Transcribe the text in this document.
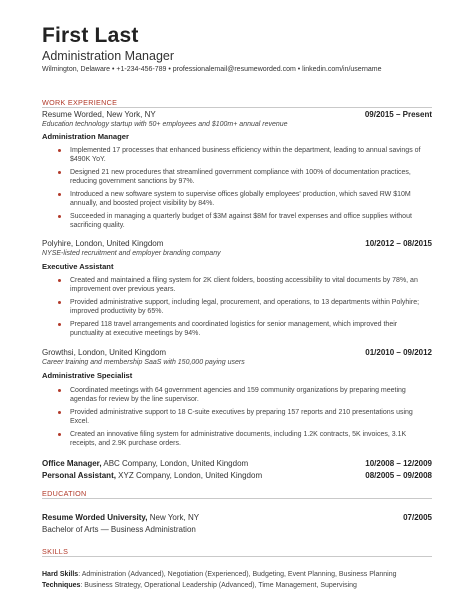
First Last
Administration Manager
Wilmington, Delaware • +1-234-456-789 • professionalemail@resumeworded.com • linkedin.com/in/username
WORK EXPERIENCE
Resume Worded, New York, NY	09/2015 – Present
Education technology startup with 50+ employees and $100m+ annual revenue
Administration Manager
Implemented 17 processes that enhanced business efficiency within the department, leading to annual savings of $490K YoY.
Designed 21 new procedures that streamlined government compliance with 100% of documentation practices, reducing government sanctions by 97%.
Introduced a new software system to supervise offices globally employees' production, which saved RW $10M annually, and boosted project visibility by 84%.
Succeeded in managing a quarterly budget of $3M against $8M for travel expenses and office supplies without sacrificing quality.
Polyhire, London, United Kingdom	10/2012 – 08/2015
NYSE-listed recruitment and employer branding company
Executive Assistant
Created and maintained a filing system for 2K client folders, boosting accessibility to vital documents by 78%, an improvement over previous years.
Provided administrative support, including legal, procurement, and operations, to 13 departments within Polyhire; improved productivity by 65%.
Prepared 118 travel arrangements and coordinated logistics for senior management, which improved their punctuality at executive meetings by 94%.
Growthsi, London, United Kingdom	01/2010 – 09/2012
Career training and membership SaaS with 150,000 paying users
Administrative Specialist
Coordinated meetings with 64 government agencies and 159 community organizations by preparing meeting agendas for review by the line supervisor.
Provided administrative support to 18 C-suite executives by preparing 157 reports and 210 presentations using Excel.
Created an innovative filing system for administrative documents, including 1.2K contracts, 5K invoices, 3.1K receipts, and 2.9K purchase orders.
Office Manager, ABC Company, London, United Kingdom	10/2008 – 12/2009
Personal Assistant, XYZ Company, London, United Kingdom	08/2005 – 09/2008
EDUCATION
Resume Worded University, New York, NY	07/2005
Bachelor of Arts — Business Administration
SKILLS
Hard Skills: Administration (Advanced), Negotiation (Experienced), Budgeting, Event Planning, Business Planning
Techniques: Business Strategy, Operational Leadership (Advanced), Time Management, Supervising
